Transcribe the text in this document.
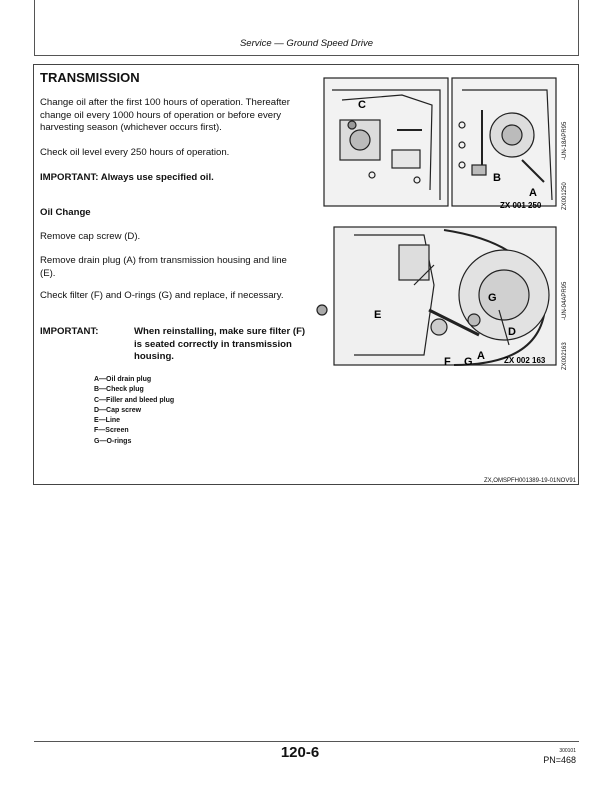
Service — Ground Speed Drive
TRANSMISSION
Change oil after the first 100 hours of operation. Thereafter change oil every 1000 hours of operation or before every harvesting season (whichever occurs first).
Check oil level every 250 hours of operation.
IMPORTANT: Always use specified oil.
Oil Change
Remove cap screw (D).
Remove drain plug (A) from transmission housing and line (E).
Check filter (F) and O-rings (G) and replace, if necessary.
IMPORTANT:	When reinstalling, make sure filter (F) is seated correctly in transmission housing.
A—Oil drain plug
B—Check plug
C—Filler and bleed plug
D—Cap screw
E—Line
F—Screen
G—O-rings
C
B
A
ZX 001 250
-UN-18APR95
ZX001250
E
G
D
F G A ZX 002 163
-UN-04APR95
ZX002163
ZX,OMSPFH001389-19-01NOV91
120-6	300101
PN=468
